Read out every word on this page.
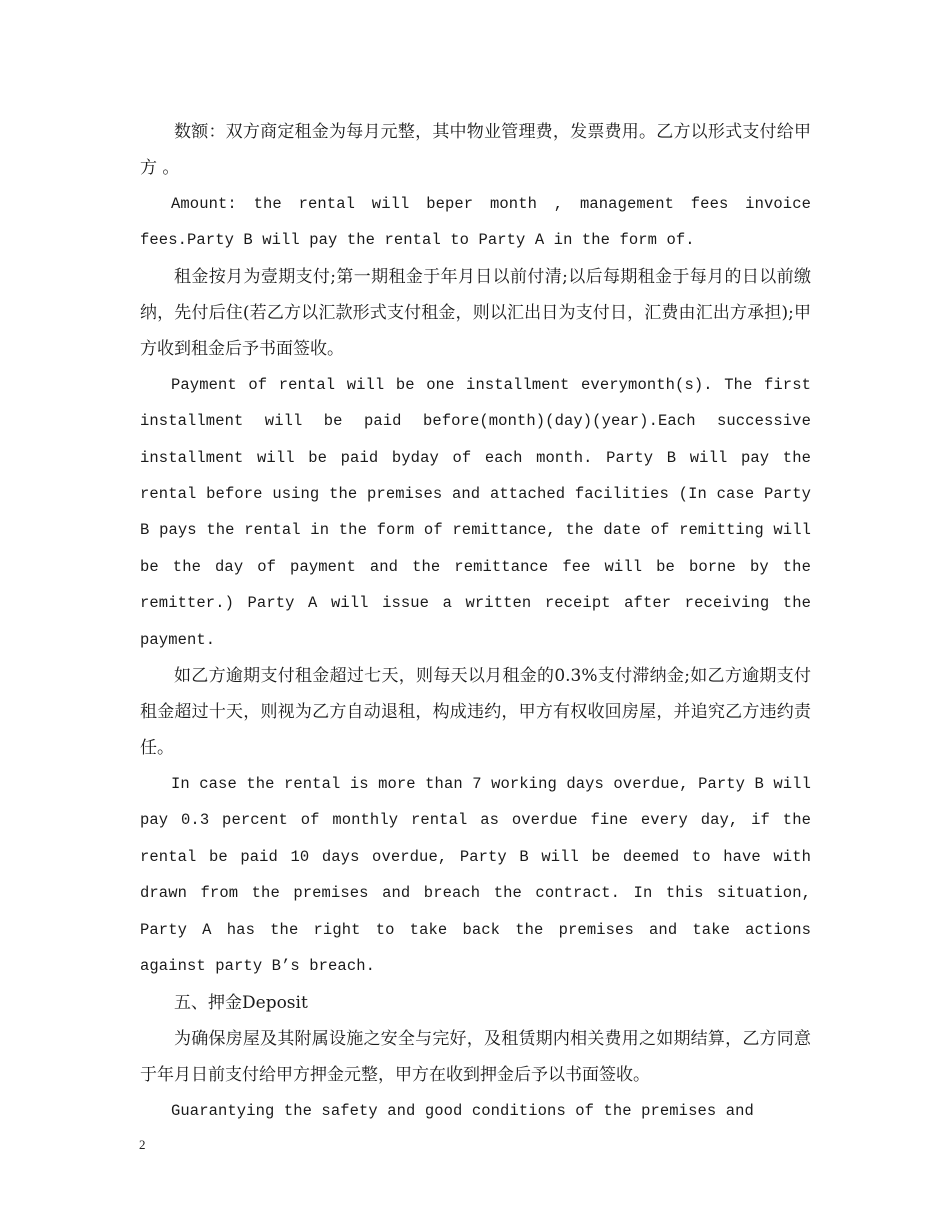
数额：双方商定租金为每月元整，其中物业管理费，发票费用。乙方以形式支付给甲方 。

Amount: the rental will beper month , management fees invoice fees.Party B will pay the rental to Party A in the form of.

租金按月为壹期支付;第一期租金于年月日以前付清;以后每期租金于每月的日以前缴纳，先付后住(若乙方以汇款形式支付租金，则以汇出日为支付日，汇费由汇出方承担);甲方收到租金后予书面签收。

Payment of rental will be one installment everymonth(s). The first installment will be paid before(month)(day)(year).Each successive installment will be paid byday of each month. Party B will pay the rental before using the premises and attached facilities (In case Party B pays the rental in the form of remittance, the date of remitting will be the day of payment and the remittance fee will be borne by the remitter.) Party A will issue a written receipt after receiving the payment.

如乙方逾期支付租金超过七天，则每天以月租金的0.3%支付滞纳金;如乙方逾期支付租金超过十天，则视为乙方自动退租，构成违约，甲方有权收回房屋，并追究乙方违约责任。

In case the rental is more than 7 working days overdue, Party B will pay 0.3 percent of monthly rental as overdue fine every day, if the rental be paid 10 days overdue, Party B will be deemed to have with drawn from the premises and breach the contract. In this situation, Party A has the right to take back the premises and take actions against party B’s breach.

五、押金Deposit

为确保房屋及其附属设施之安全与完好，及租赁期内相关费用之如期结算，乙方同意于年月日前支付给甲方押金元整，甲方在收到押金后予以书面签收。

Guarantying the safety and good conditions of the premises and

2
